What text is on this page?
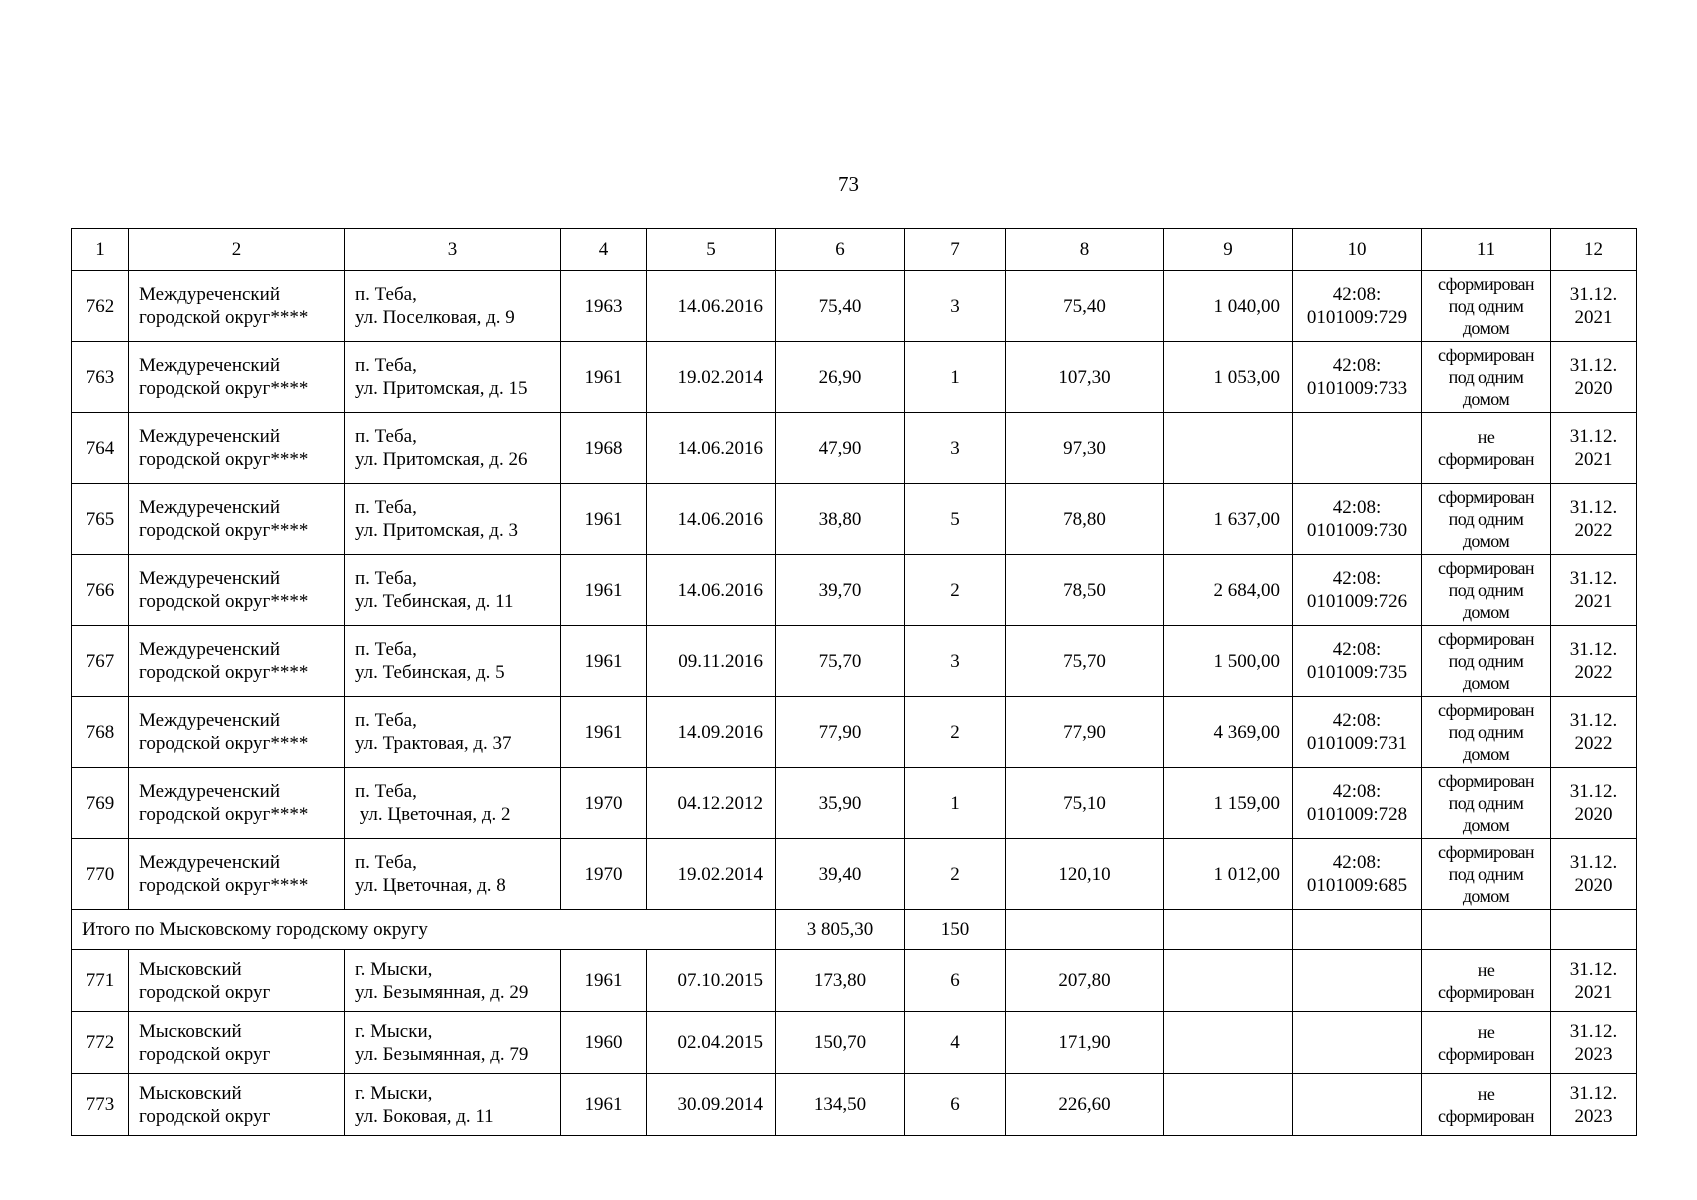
73
1	2	3	4	5	6	7	8	9	10	11	12
762	Междуреченский
городской округ****	п. Теба,
ул. Поселковая, д. 9	1963	14.06.2016	75,40	3	75,40	1 040,00	42:08:
0101009:729	сформирован
под одним
домом	31.12.
2021

763	Междуреченский
городской округ****	п. Теба,
ул. Притомская, д. 15	1961	19.02.2014	26,90	1	107,30	1 053,00	42:08:
0101009:733	сформирован
под одним
домом	31.12.
2020

764	Междуреченский
городской округ****	п. Теба,
ул. Притомская, д. 26	1968	14.06.2016	47,90	3	97,30			не
сформирован	31.12.
2021

765	Междуреченский
городской округ****	п. Теба,
ул. Притомская, д. 3	1961	14.06.2016	38,80	5	78,80	1 637,00	42:08:
0101009:730	сформирован
под одним
домом	31.12.
2022

766	Междуреченский
городской округ****	п. Теба,
ул. Тебинская, д. 11	1961	14.06.2016	39,70	2	78,50	2 684,00	42:08:
0101009:726	сформирован
под одним
домом	31.12.
2021

767	Междуреченский
городской округ****	п. Теба,
ул. Тебинская, д. 5	1961	09.11.2016	75,70	3	75,70	1 500,00	42:08:
0101009:735	сформирован
под одним
домом	31.12.
2022

768	Междуреченский
городской округ****	п. Теба,
ул. Трактовая, д. 37	1961	14.09.2016	77,90	2	77,90	4 369,00	42:08:
0101009:731	сформирован
под одним
домом	31.12.
2022

769	Междуреченский
городской округ****	п. Теба,
ул. Цветочная, д. 2	1970	04.12.2012	35,90	1	75,10	1 159,00	42:08:
0101009:728	сформирован
под одним
домом	31.12.
2020

770	Междуреченский
городской округ****	п. Теба,
ул. Цветочная, д. 8	1970	19.02.2014	39,40	2	120,10	1 012,00	42:08:
0101009:685	сформирован
под одним
домом	31.12.
2020

Итого по Мысковскому городскому округу					3 805,30	150					
771	Мысковский
городской округ	г. Мыски,
ул. Безымянная, д. 29	1961	07.10.2015	173,80	6	207,80			не
сформирован	31.12.
2021

772	Мысковский
городской округ	г. Мыски,
ул. Безымянная, д. 79	1960	02.04.2015	150,70	4	171,90			не
сформирован	31.12.
2023

773	Мысковский
городской округ	г. Мыски,
ул. Боковая, д. 11	1961	30.09.2014	134,50	6	226,60			не
сформирован	31.12.
2023
